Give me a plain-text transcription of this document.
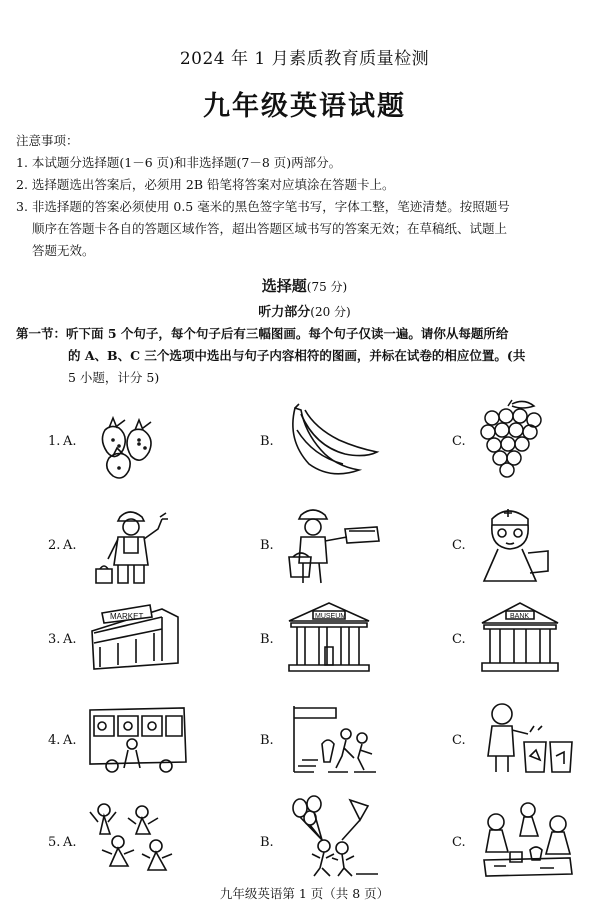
2024 年 1 月素质教育质量检测
九年级英语试题
注意事项：
1. 本试题分选择题(1－6 页)和非选择题(7－8 页)两部分。
2. 选择题选出答案后，必须用 2B 铅笔将答案对应填涂在答题卡上。
3. 非选择题的答案必须使用 0.5 毫米的黑色签字笔书写，字体工整，笔迹清楚。按照题号
顺序在答题卡各自的答题区域作答，超出答题区域书写的答案无效；在草稿纸、试题上
答题无效。
选择题(75 分)
听力部分(20 分)
第一节：听下面 5 个句子，每个句子后有三幅图画。每个句子仅读一遍。请你从每题所给
的 A、B、C 三个选项中选出与句子内容相符的图画，并标在试卷的相应位置。(共
5 小题，计分 5)
1. A.	B.	C.
2. A.	B.	C.
3. A.
MARKET
B.
MUSEUM
C.
BANK
4. A.	B.	C.
5. A.	B.	C.
九年级英语第 1 页（共 8 页）
